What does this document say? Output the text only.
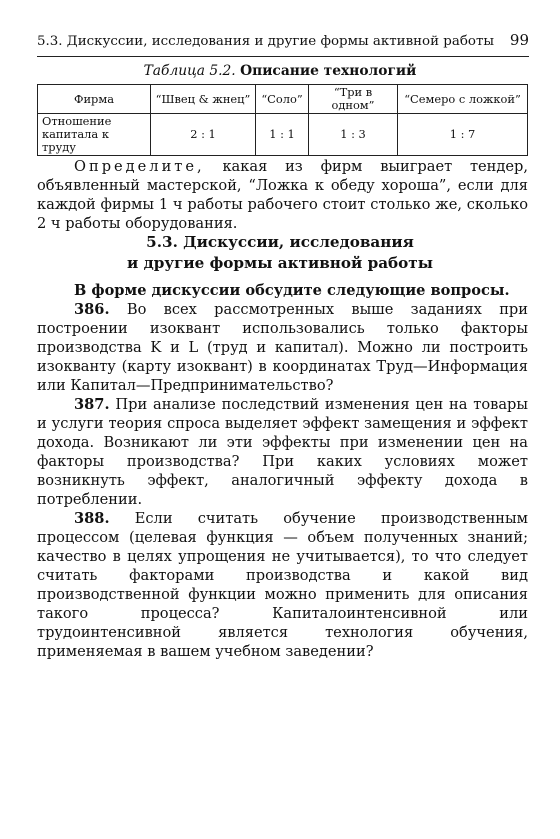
5.3. Дискуссии, исследования и другие формы активной работы 99
Таблица 5.2. Описание технологий
Фирма	“Швец & жнец”	“Соло”	“Три в одном”	“Семеро с ложкой”
Отношение
капитала к труду	2 : 1	1 : 1	1 : 3	1 : 7
Определите, какая из фирм выиграет тендер, объявленный мастерской, “Ложка к обеду хороша”, если для каждой фирмы 1 ч работы рабочего стоит столько же, сколько 2 ч работы оборудования.
5.3. Дискуссии, исследования
и другие формы активной работы

В форме дискуссии обсудите следующие вопросы.

386. Во всех рассмотренных выше заданиях при построении изоквант использовались только факторы производства K и L (труд и капитал). Можно ли построить изокванту (карту изоквант) в координатах Труд—Информация или Капитал—Предпринимательство?

387. При анализе последствий изменения цен на товары и услуги теория спроса выделяет эффект замещения и эффект дохода. Возникают ли эти эффекты при изменении цен на факторы производства? При каких условиях может возникнуть эффект, аналогичный эффекту дохода в потреблении.

388. Если считать обучение производственным процессом (целевая функция — объем полученных знаний; качество в целях упрощения не учитывается), то что следует считать факторами производства и какой вид производственной функции можно применить для описания такого процесса? Капиталоинтенсивной или трудоинтенсивной является технология обучения, применяемая в вашем учебном заведении?
